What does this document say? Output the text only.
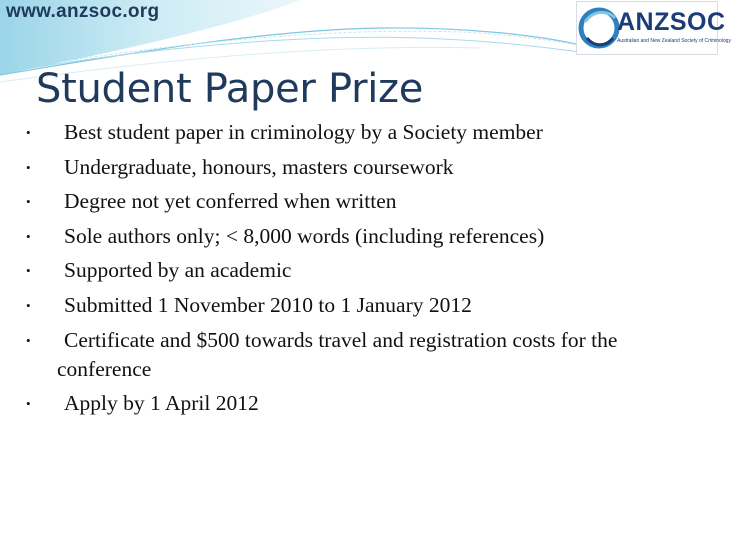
www.anzsoc.org	ANZSOC
Australian and New Zealand Society of Criminology
Student Paper Prize
•	Best student paper in criminology by a Society member
• Undergraduate, honours, masters coursework
• Degree not yet conferred when written
• Sole authors only; < 8,000 words (including references)
• Supported by an academic
• Submitted 1 November 2010 to 1 January 2012
•	Certificate and $500 towards travel and registration costs for the conference
• Apply by 1 April 2012
